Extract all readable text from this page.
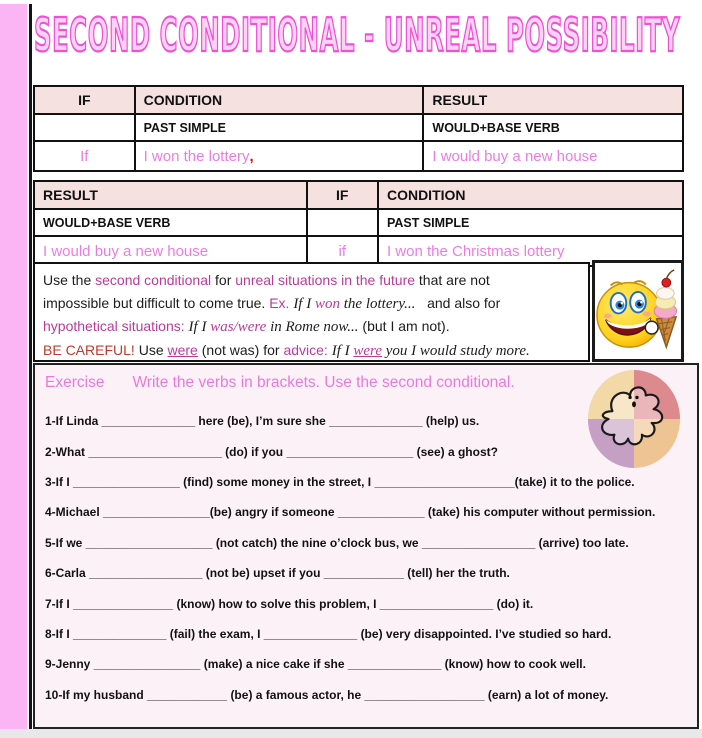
SECOND CONDITIONAL - UNREAL POSSIBILITY
IF	CONDITION	RESULT
	PAST SIMPLE	WOULD+BASE VERB
If	I won the lottery,	I would buy a new house
RESULT	IF	CONDITION
WOULD+BASE VERB		PAST SIMPLE
I would buy a new house	if	I won the Christmas lottery
Use the second conditional for unreal situations in the future that are not
impossible but difficult to come true. Ex. If I won the lottery...   and also for
hypothetical situations: If I was/were in Rome now... (but I am not).
BE CAREFUL! Use were (not was) for advice: If I were you I would study more.
Exercise Write the verbs in brackets. Use the second conditional.
1-If Linda ______________ here (be), I’m sure she ______________ (help) us.
2-What ____________________ (do) if you ___________________ (see) a ghost?
3-If I ________________ (find) some money in the street, I _____________________(take) it to the police.
4-Michael ________________(be) angry if someone _____________ (take) his computer without permission.
5-If we ___________________ (not catch) the nine o’clock bus, we _________________ (arrive) too late.
6-Carla _________________ (not be) upset if you ____________ (tell) her the truth.
7-If I _______________ (know) how to solve this problem, I _________________ (do) it.
8-If I ______________ (fail) the exam, I ______________ (be) very disappointed. I’ve studied so hard.
9-Jenny ________________ (make) a nice cake if she ______________ (know) how to cook well.
10-If my husband ____________ (be) a famous actor, he __________________ (earn) a lot of money.
